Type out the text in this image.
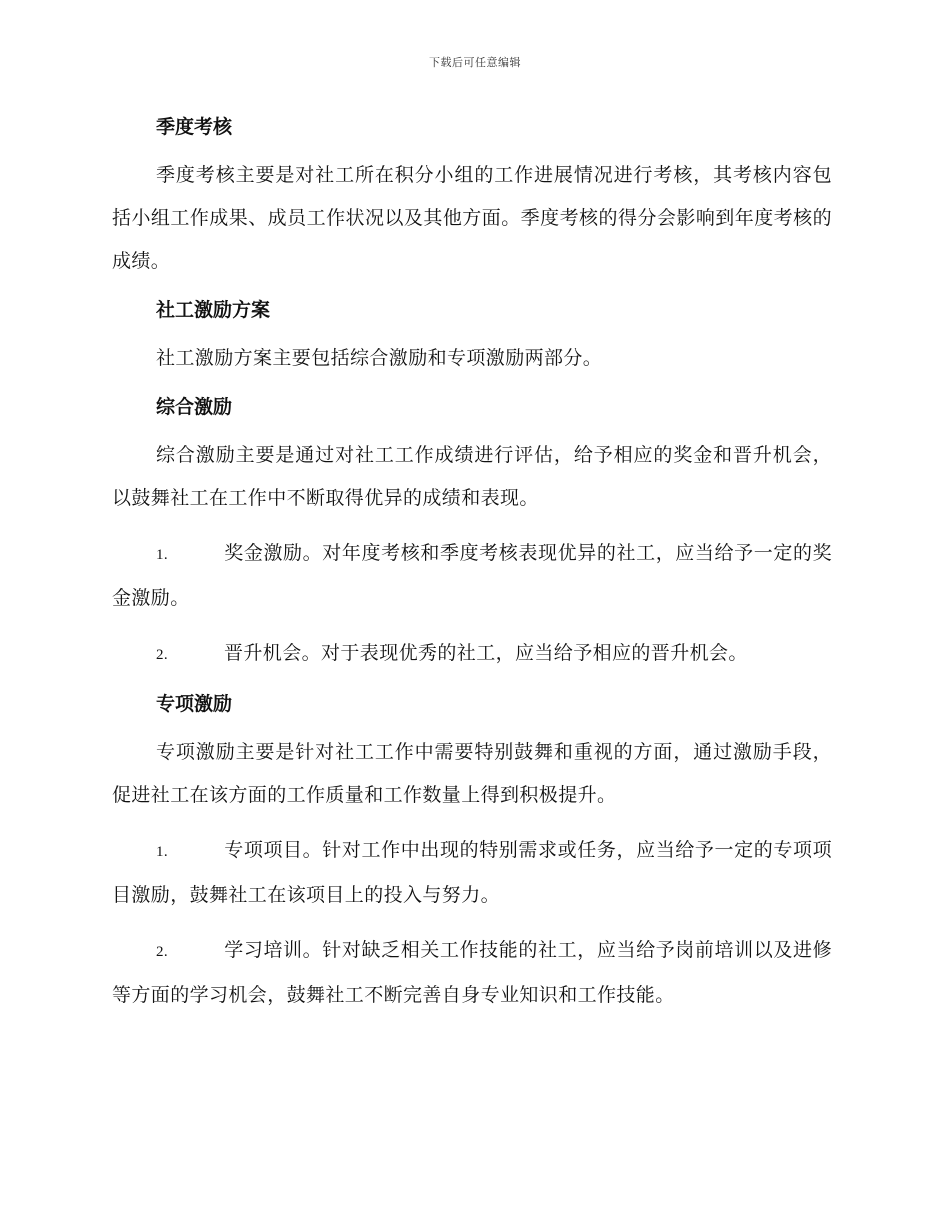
下载后可任意编辑
季度考核

季度考核主要是对社工所在积分小组的工作进展情况进行考核，其考核内容包括小组工作成果、成员工作状况以及其他方面。季度考核的得分会影响到年度考核的成绩。

社工激励方案

社工激励方案主要包括综合激励和专项激励两部分。

综合激励

综合激励主要是通过对社工工作成绩进行评估，给予相应的奖金和晋升机会，以鼓舞社工在工作中不断取得优异的成绩和表现。

1.	奖金激励。对年度考核和季度考核表现优异的社工，应当给予一定的奖金激励。

2.	晋升机会。对于表现优秀的社工，应当给予相应的晋升机会。

专项激励

专项激励主要是针对社工工作中需要特别鼓舞和重视的方面，通过激励手段，促进社工在该方面的工作质量和工作数量上得到积极提升。

1.	专项项目。针对工作中出现的特别需求或任务，应当给予一定的专项项目激励，鼓舞社工在该项目上的投入与努力。

2.	学习培训。针对缺乏相关工作技能的社工，应当给予岗前培训以及进修等方面的学习机会，鼓舞社工不断完善自身专业知识和工作技能。
